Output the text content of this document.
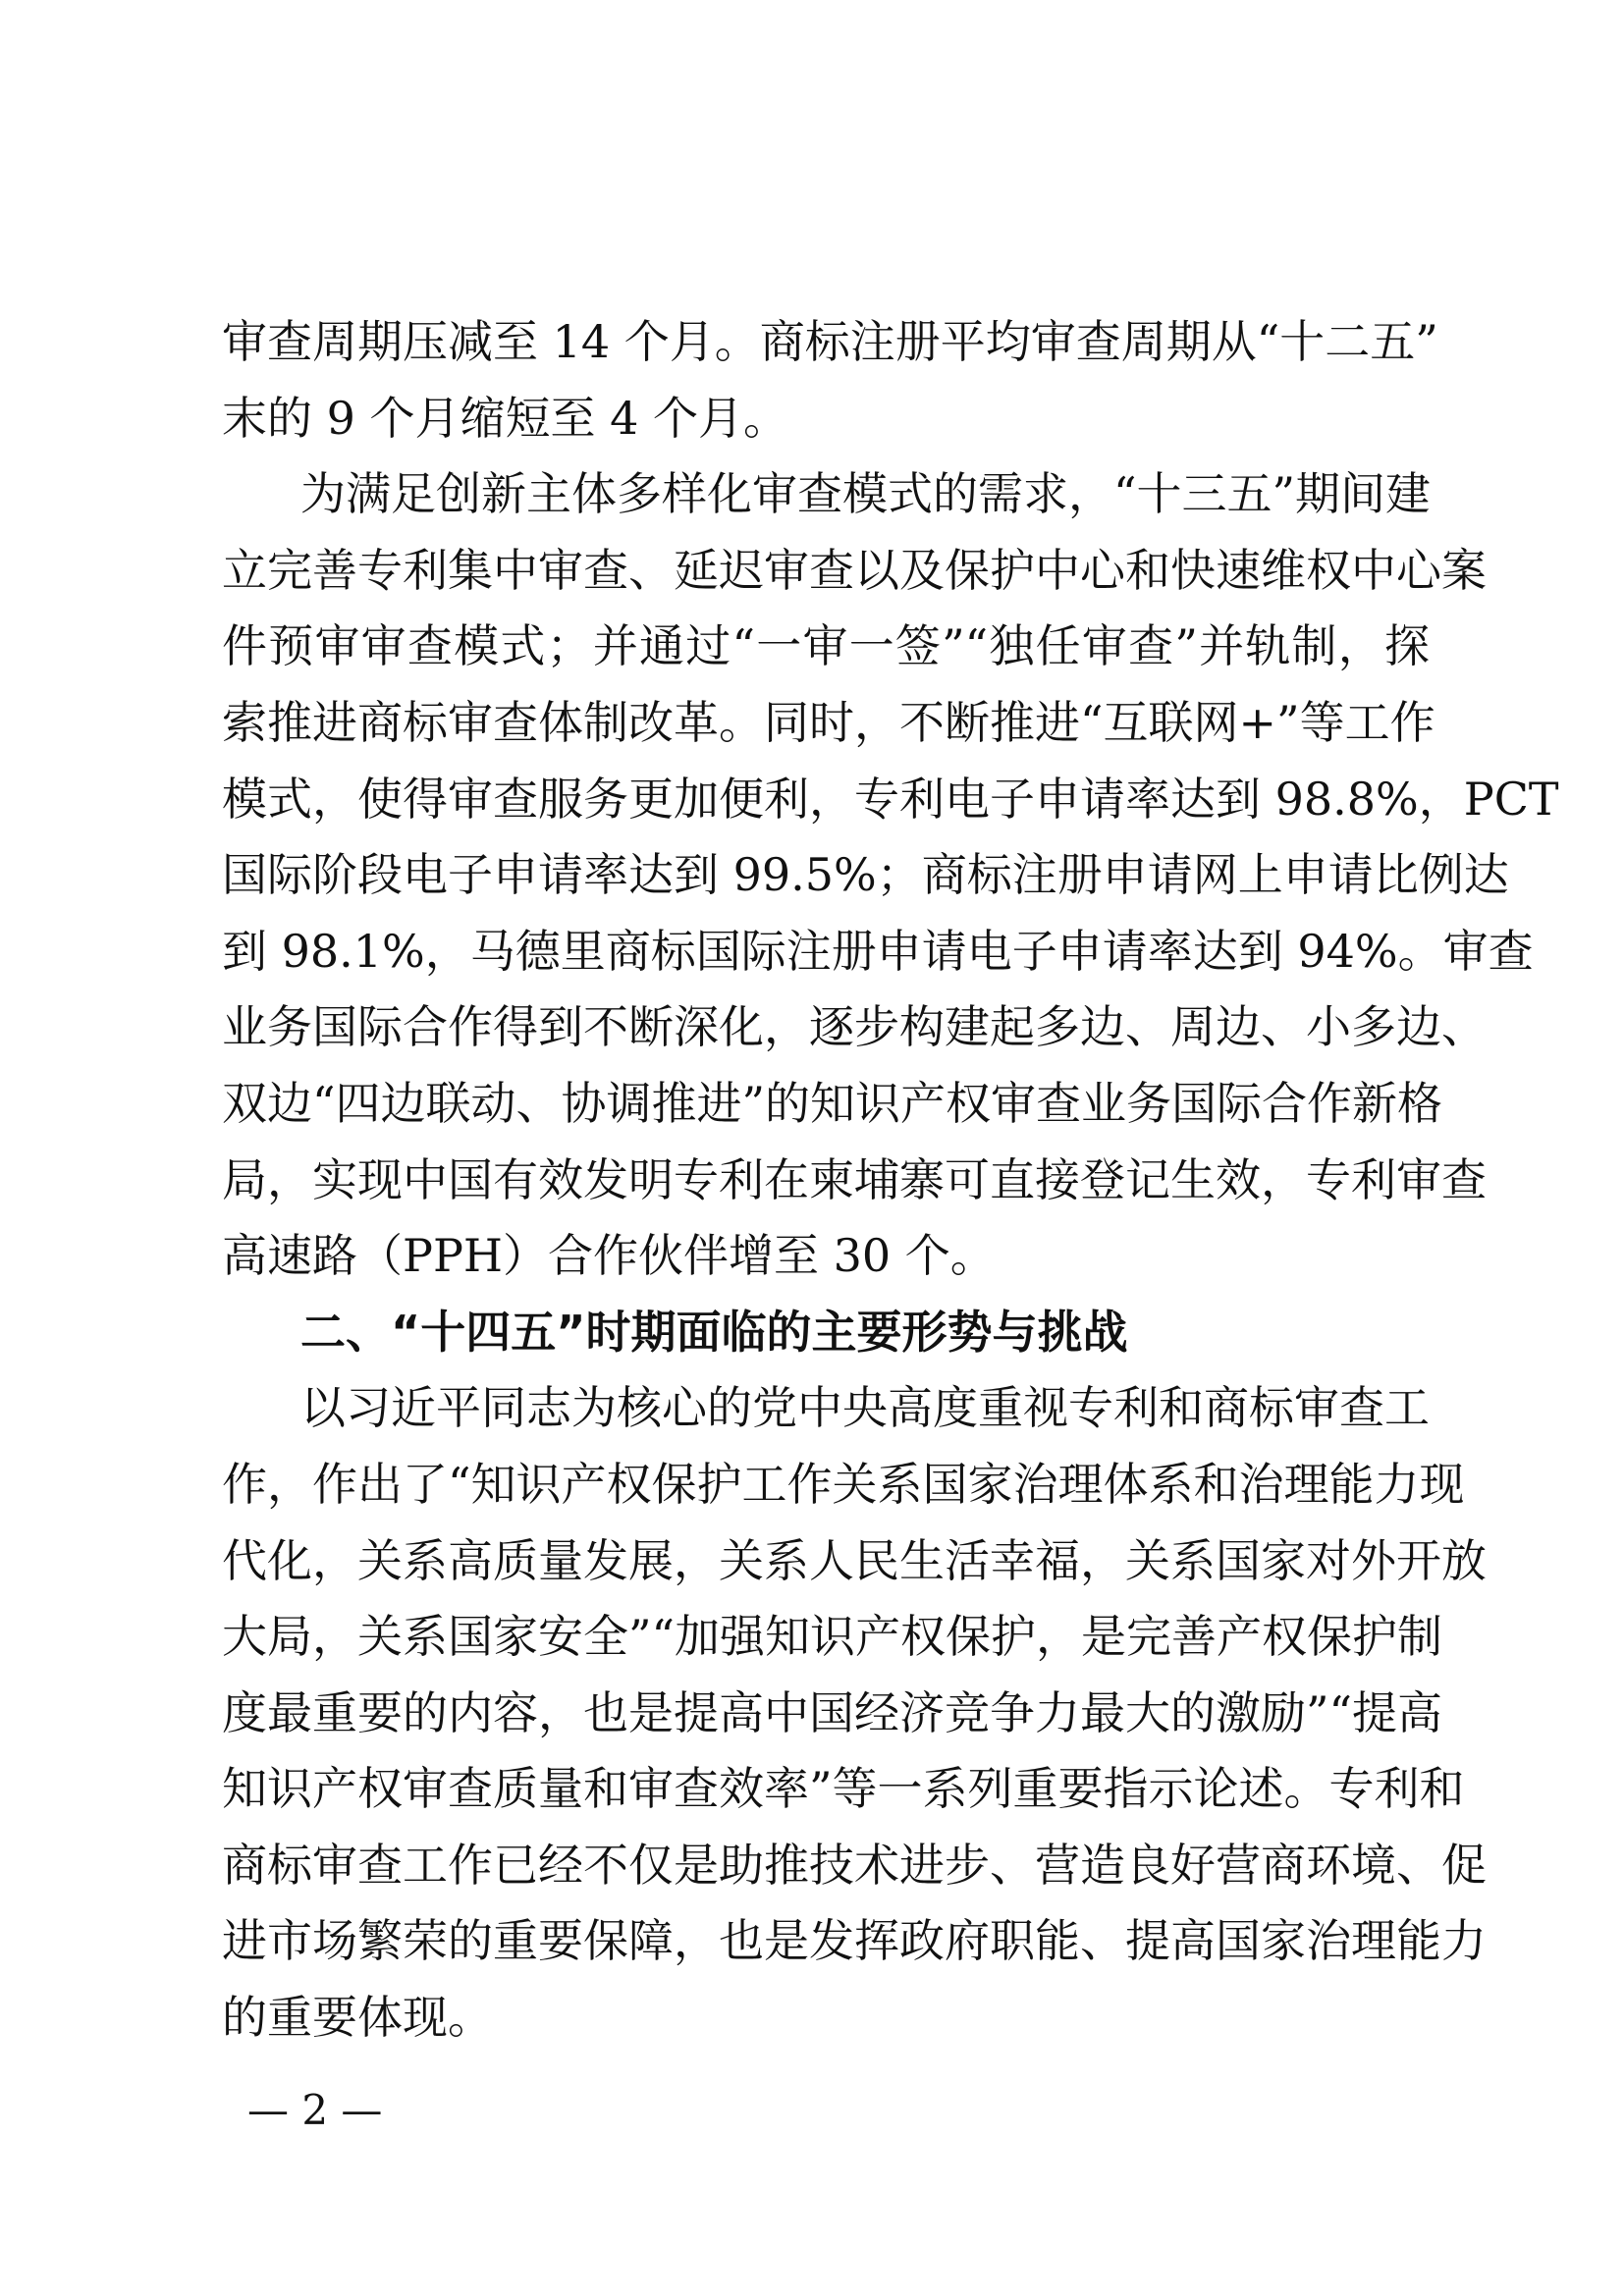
审查周期压减至 14 个月。商标注册平均审查周期从“十二五”
末的 9 个月缩短至 4 个月。
为满足创新主体多样化审查模式的需求，“十三五”期间建
立完善专利集中审查、延迟审查以及保护中心和快速维权中心案
件预审审查模式；并通过“一审一签”“独任审查”并轨制，探
索推进商标审查体制改革。同时，不断推进“互联网+”等工作
模式，使得审查服务更加便利，专利电子申请率达到 98.8%，PCT
国际阶段电子申请率达到 99.5%；商标注册申请网上申请比例达
到 98.1%，马德里商标国际注册申请电子申请率达到 94%。审查
业务国际合作得到不断深化，逐步构建起多边、周边、小多边、
双边“四边联动、协调推进”的知识产权审查业务国际合作新格
局，实现中国有效发明专利在柬埔寨可直接登记生效，专利审查
高速路（PPH）合作伙伴增至 30 个。
二、“十四五”时期面临的主要形势与挑战
以习近平同志为核心的党中央高度重视专利和商标审查工
作，作出了“知识产权保护工作关系国家治理体系和治理能力现
代化，关系高质量发展，关系人民生活幸福，关系国家对外开放
大局，关系国家安全”“加强知识产权保护，是完善产权保护制
度最重要的内容，也是提高中国经济竞争力最大的激励”“提高
知识产权审查质量和审查效率”等一系列重要指示论述。专利和
商标审查工作已经不仅是助推技术进步、营造良好营商环境、促
进市场繁荣的重要保障，也是发挥政府职能、提高国家治理能力
的重要体现。
— 2 —
